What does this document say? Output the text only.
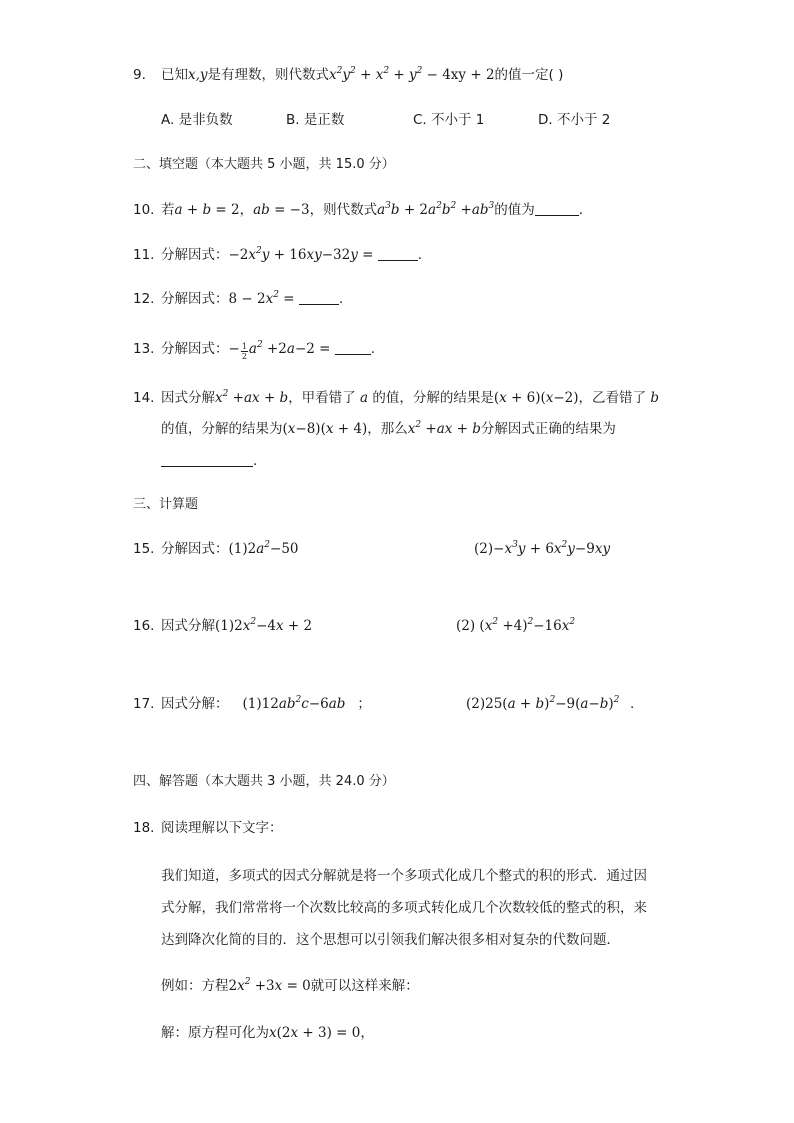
9. 已知x,y是有理数，则代数式$x^2y^2 + x^2 + y^2 - 4xy + 2$的值一定( )
A. 是非负数	B. 是正数	C. 不小于 1	D. 不小于 2
二、填空题（本大题共 5 小题，共 15.0 分）
10. 若a + b = 2，ab = −3，则代数式$a^3b + 2a^2b^2 +ab^3$的值为	.
11. 分解因式：$-2x^2y + 16xy-32y$ =	.
12. 分解因式：$8 - 2x^2$ =	.
13. 分解因式：− $\frac{1}{2} a^2 +2a-2$ =	.
14. 因式分解$x^2 +ax + b$，甲看错了 a 的值，分解的结果是(x + 6)(x−2)，乙看错了 b
的值，分解的结果为(x−8)(x + 4)，那么$x^2 +ax + b$分解因式正确的结果为
.
三、计算题
15. 分解因式：$(1)2a^2-50$	$(2)-x^3y + 6x^2y-9xy$
16. 因式分解$(1)2x^2-4x + 2$	(2) $(x^2 +4)^2-16x^2$
17. 因式分解： $(1)12ab^2c-6ab$ ；	$(2)25(a + b)^2-9(a-b)^2$ .
四、解答题（本大题共 3 小题，共 24.0 分）
18. 阅读理解以下文字：
我们知道，多项式的因式分解就是将一个多项式化成几个整式的积的形式．通过因
式分解，我们常常将一个次数比较高的多项式转化成几个次数较低的整式的积，来
达到降次化简的目的．这个思想可以引领我们解决很多相对复杂的代数问题．
例如：方程$2x^2 +3x = 0$就可以这样来解：
解：原方程可化为x(2x + 3) = 0，
